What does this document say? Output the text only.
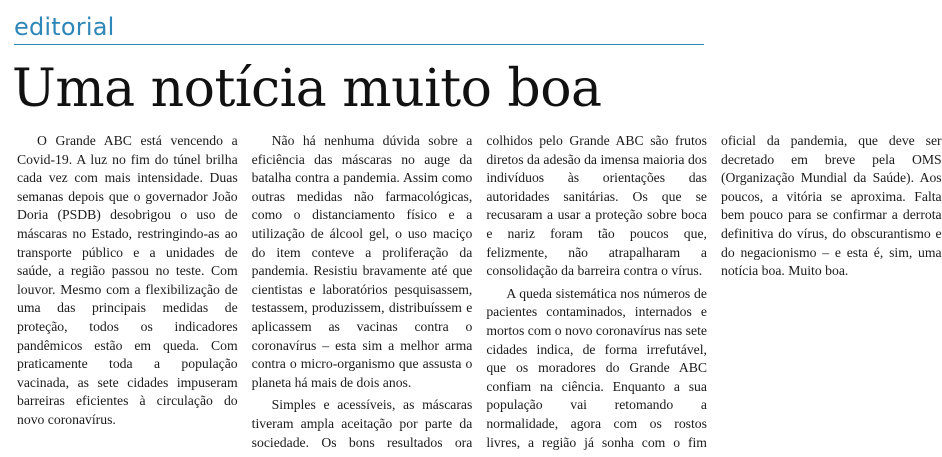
editorial
Uma notícia muito boa

O Grande ABC está vencendo a Covid-19. A luz no fim do túnel brilha cada vez com mais intensidade. Duas semanas depois que o governador João Doria (PSDB) desobrigou o uso de máscaras no Estado, restringindo-as ao transporte público e a unidades de saúde, a região passou no teste. Com louvor. Mesmo com a flexibilização de uma das principais medidas de proteção, todos os indicadores pandêmicos estão em queda. Com praticamente toda a população vacinada, as sete cidades impuseram barreiras eficientes à circulação do novo coronavírus.

Não há nenhuma dúvida sobre a eficiência das máscaras no auge da batalha contra a pandemia. Assim como outras medidas não farmacológicas, como o distanciamento físico e a utilização de álcool gel, o uso maciço do item conteve a proliferação da pandemia. Resistiu bravamente até que cientistas e laboratórios pesquisassem, testassem, produzissem, distribuíssem e aplicassem as vacinas contra o coronavírus – esta sim a melhor arma contra o micro-organismo que assusta o planeta há mais de dois anos.

Simples e acessíveis, as máscaras tiveram ampla aceitação por parte da sociedade. Os bons resultados ora colhidos pelo Grande ABC são frutos diretos da adesão da imensa maioria dos indivíduos às orientações das autoridades sanitárias. Os que se recusaram a usar a proteção sobre boca e nariz foram tão poucos que, felizmente, não atrapalharam a consolidação da barreira contra o vírus.

A queda sistemática nos números de pacientes contaminados, internados e mortos com o novo coronavírus nas sete cidades indica, de forma irrefutável, que os moradores do Grande ABC confiam na ciência. Enquanto a sua população vai retomando a normalidade, agora com os rostos livres, a região já sonha com o fim oficial da pandemia, que deve ser decretado em breve pela OMS (Organização Mundial da Saúde). Aos poucos, a vitória se aproxima. Falta bem pouco para se confirmar a derrota definitiva do vírus, do obscurantismo e do negacionismo – e esta é, sim, uma notícia boa. Muito boa.
